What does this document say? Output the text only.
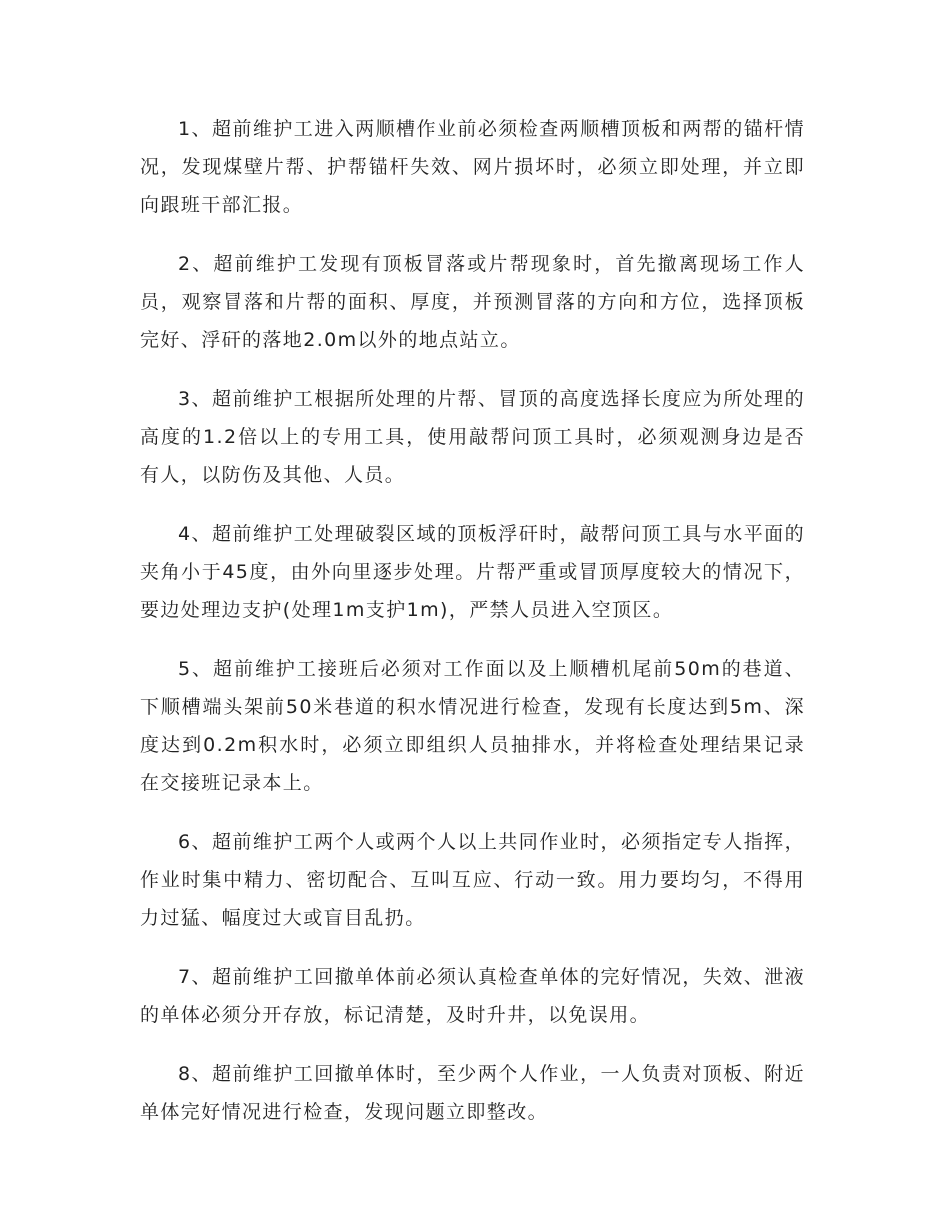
1、超前维护工进入两顺槽作业前必须检查两顺槽顶板和两帮的锚杆情况，发现煤壁片帮、护帮锚杆失效、网片损坏时，必须立即处理，并立即向跟班干部汇报。

2、超前维护工发现有顶板冒落或片帮现象时，首先撤离现场工作人员，观察冒落和片帮的面积、厚度，并预测冒落的方向和方位，选择顶板完好、浮矸的落地2.0m以外的地点站立。

3、超前维护工根据所处理的片帮、冒顶的高度选择长度应为所处理的高度的1.2倍以上的专用工具，使用敲帮问顶工具时，必须观测身边是否有人，以防伤及其他、人员。

4、超前维护工处理破裂区域的顶板浮矸时，敲帮问顶工具与水平面的夹角小于45度，由外向里逐步处理。片帮严重或冒顶厚度较大的情况下，要边处理边支护(处理1m支护1m)，严禁人员进入空顶区。

5、超前维护工接班后必须对工作面以及上顺槽机尾前50m的巷道、下顺槽端头架前50米巷道的积水情况进行检查，发现有长度达到5m、深度达到0.2m积水时，必须立即组织人员抽排水，并将检查处理结果记录在交接班记录本上。

6、超前维护工两个人或两个人以上共同作业时，必须指定专人指挥，作业时集中精力、密切配合、互叫互应、行动一致。用力要均匀，不得用力过猛、幅度过大或盲目乱扔。

7、超前维护工回撤单体前必须认真检查单体的完好情况，失效、泄液的单体必须分开存放，标记清楚，及时升井，以免误用。

8、超前维护工回撤单体时，至少两个人作业，一人负责对顶板、附近单体完好情况进行检查，发现问题立即整改。
